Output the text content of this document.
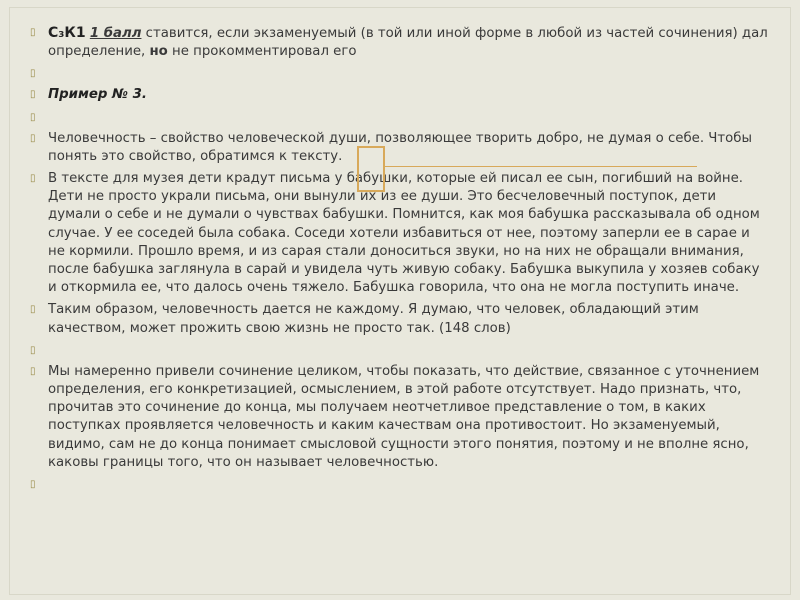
▯ С₃К1 1 балл ставится, если экзаменуемый (в той или иной форме в любой из частей сочинения) дал определение, но не прокомментировал его
▯
▯ Пример № 3.
▯
▯ Человечность – свойство человеческой души, позволяющее творить добро, не думая о себе. Чтобы понять это свойство, обратимся к тексту.
▯ В тексте для музея дети крадут письма у бабушки, которые ей писал ее сын, погибший на войне. Дети не просто украли письма, они вынули их из ее души. Это бесчеловечный поступок, дети думали о себе и не думали о чувствах бабушки. Помнится, как моя бабушка рассказывала об одном случае. У ее соседей была собака. Соседи хотели избавиться от нее, поэтому заперли ее в сарае и не кормили. Прошло время, и из сарая стали доноситься звуки, но на них не обращали внимания, после бабушка заглянула в сарай и увидела чуть живую собаку. Бабушка выкупила у хозяев собаку и откормила ее, что далось очень тяжело. Бабушка говорила, что она не могла поступить иначе.
▯ Таким образом, человечность дается не каждому. Я думаю, что человек, обладающий этим качеством, может прожить свою жизнь не просто так. (148 слов)
▯
▯ Мы намеренно привели сочинение целиком, чтобы показать, что действие, связанное с уточнением определения, его конкретизацией, осмыслением, в этой работе отсутствует. Надо признать, что, прочитав это сочинение до конца, мы получаем неотчетливое представление о том, в каких поступках проявляется человечность и каким качествам она противостоит. Но экзаменуемый, видимо, сам не до конца понимает смысловой сущности этого понятия, поэтому и не вполне ясно, каковы границы того, что он называет человечностью.
▯
